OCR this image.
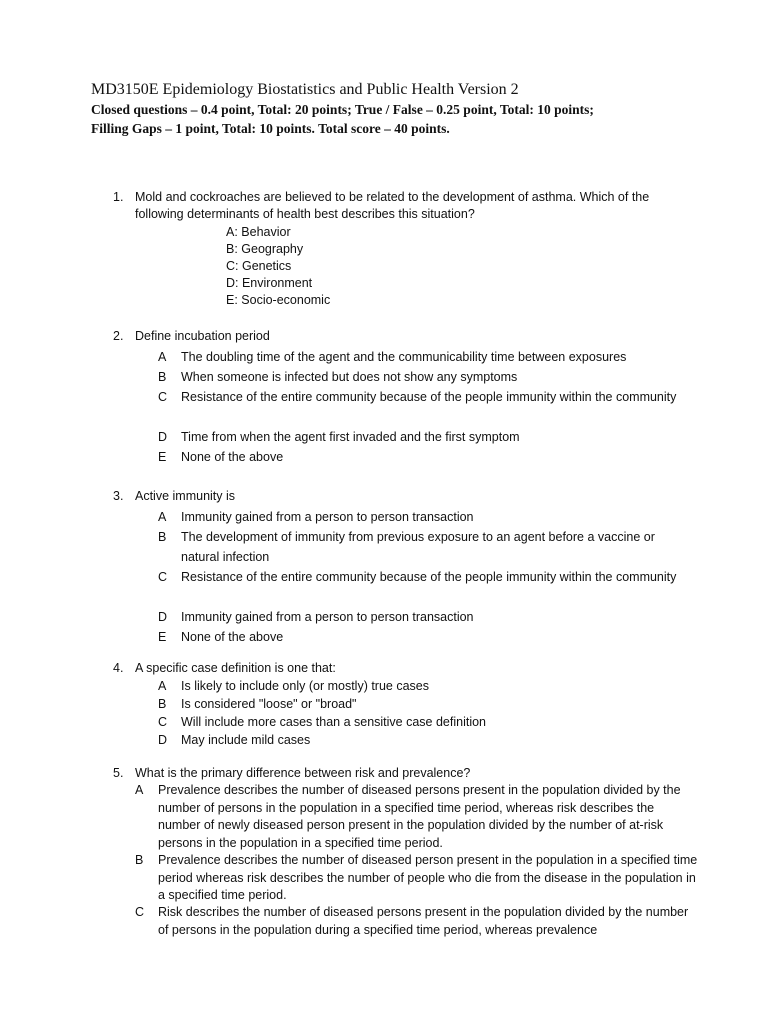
MD3150E Epidemiology Biostatistics and Public Health Version 2

Closed questions – 0.4 point, Total: 20 points; True / False – 0.25 point, Total: 10 points;

Filling Gaps – 1 point, Total: 10 points. Total score – 40 points.

1. Mold and cockroaches are believed to be related to the development of asthma. Which of the following determinants of health best describes this situation?
A: Behavior
B: Geography
C: Genetics
D: Environment
E: Socio-economic
2. Define incubation period
A The doubling time of the agent and the communicability time between exposures
B When someone is infected but does not show any symptoms
C Resistance of the entire community because of the people immunity within the community
D Time from when the agent first invaded and the first symptom
E None of the above
3. Active immunity is
A Immunity gained from a person to person transaction
B The development of immunity from previous exposure to an agent before a vaccine or natural infection
C Resistance of the entire community because of the people immunity within the community
D Immunity gained from a person to person transaction
E None of the above
4. A specific case definition is one that:
A Is likely to include only (or mostly) true cases
B Is considered "loose" or "broad"
C Will include more cases than a sensitive case definition
D May include mild cases
5. What is the primary difference between risk and prevalence?
A Prevalence describes the number of diseased persons present in the population divided by the number of persons in the population in a specified time period, whereas risk describes the number of newly diseased person present in the population divided by the number of at-risk persons in the population in a specified time period.
B Prevalence describes the number of diseased person present in the population in a specified time period whereas risk describes the number of people who die from the disease in the population in a specified time period.
C Risk describes the number of diseased persons present in the population divided by the number of persons in the population during a specified time period, whereas prevalence
